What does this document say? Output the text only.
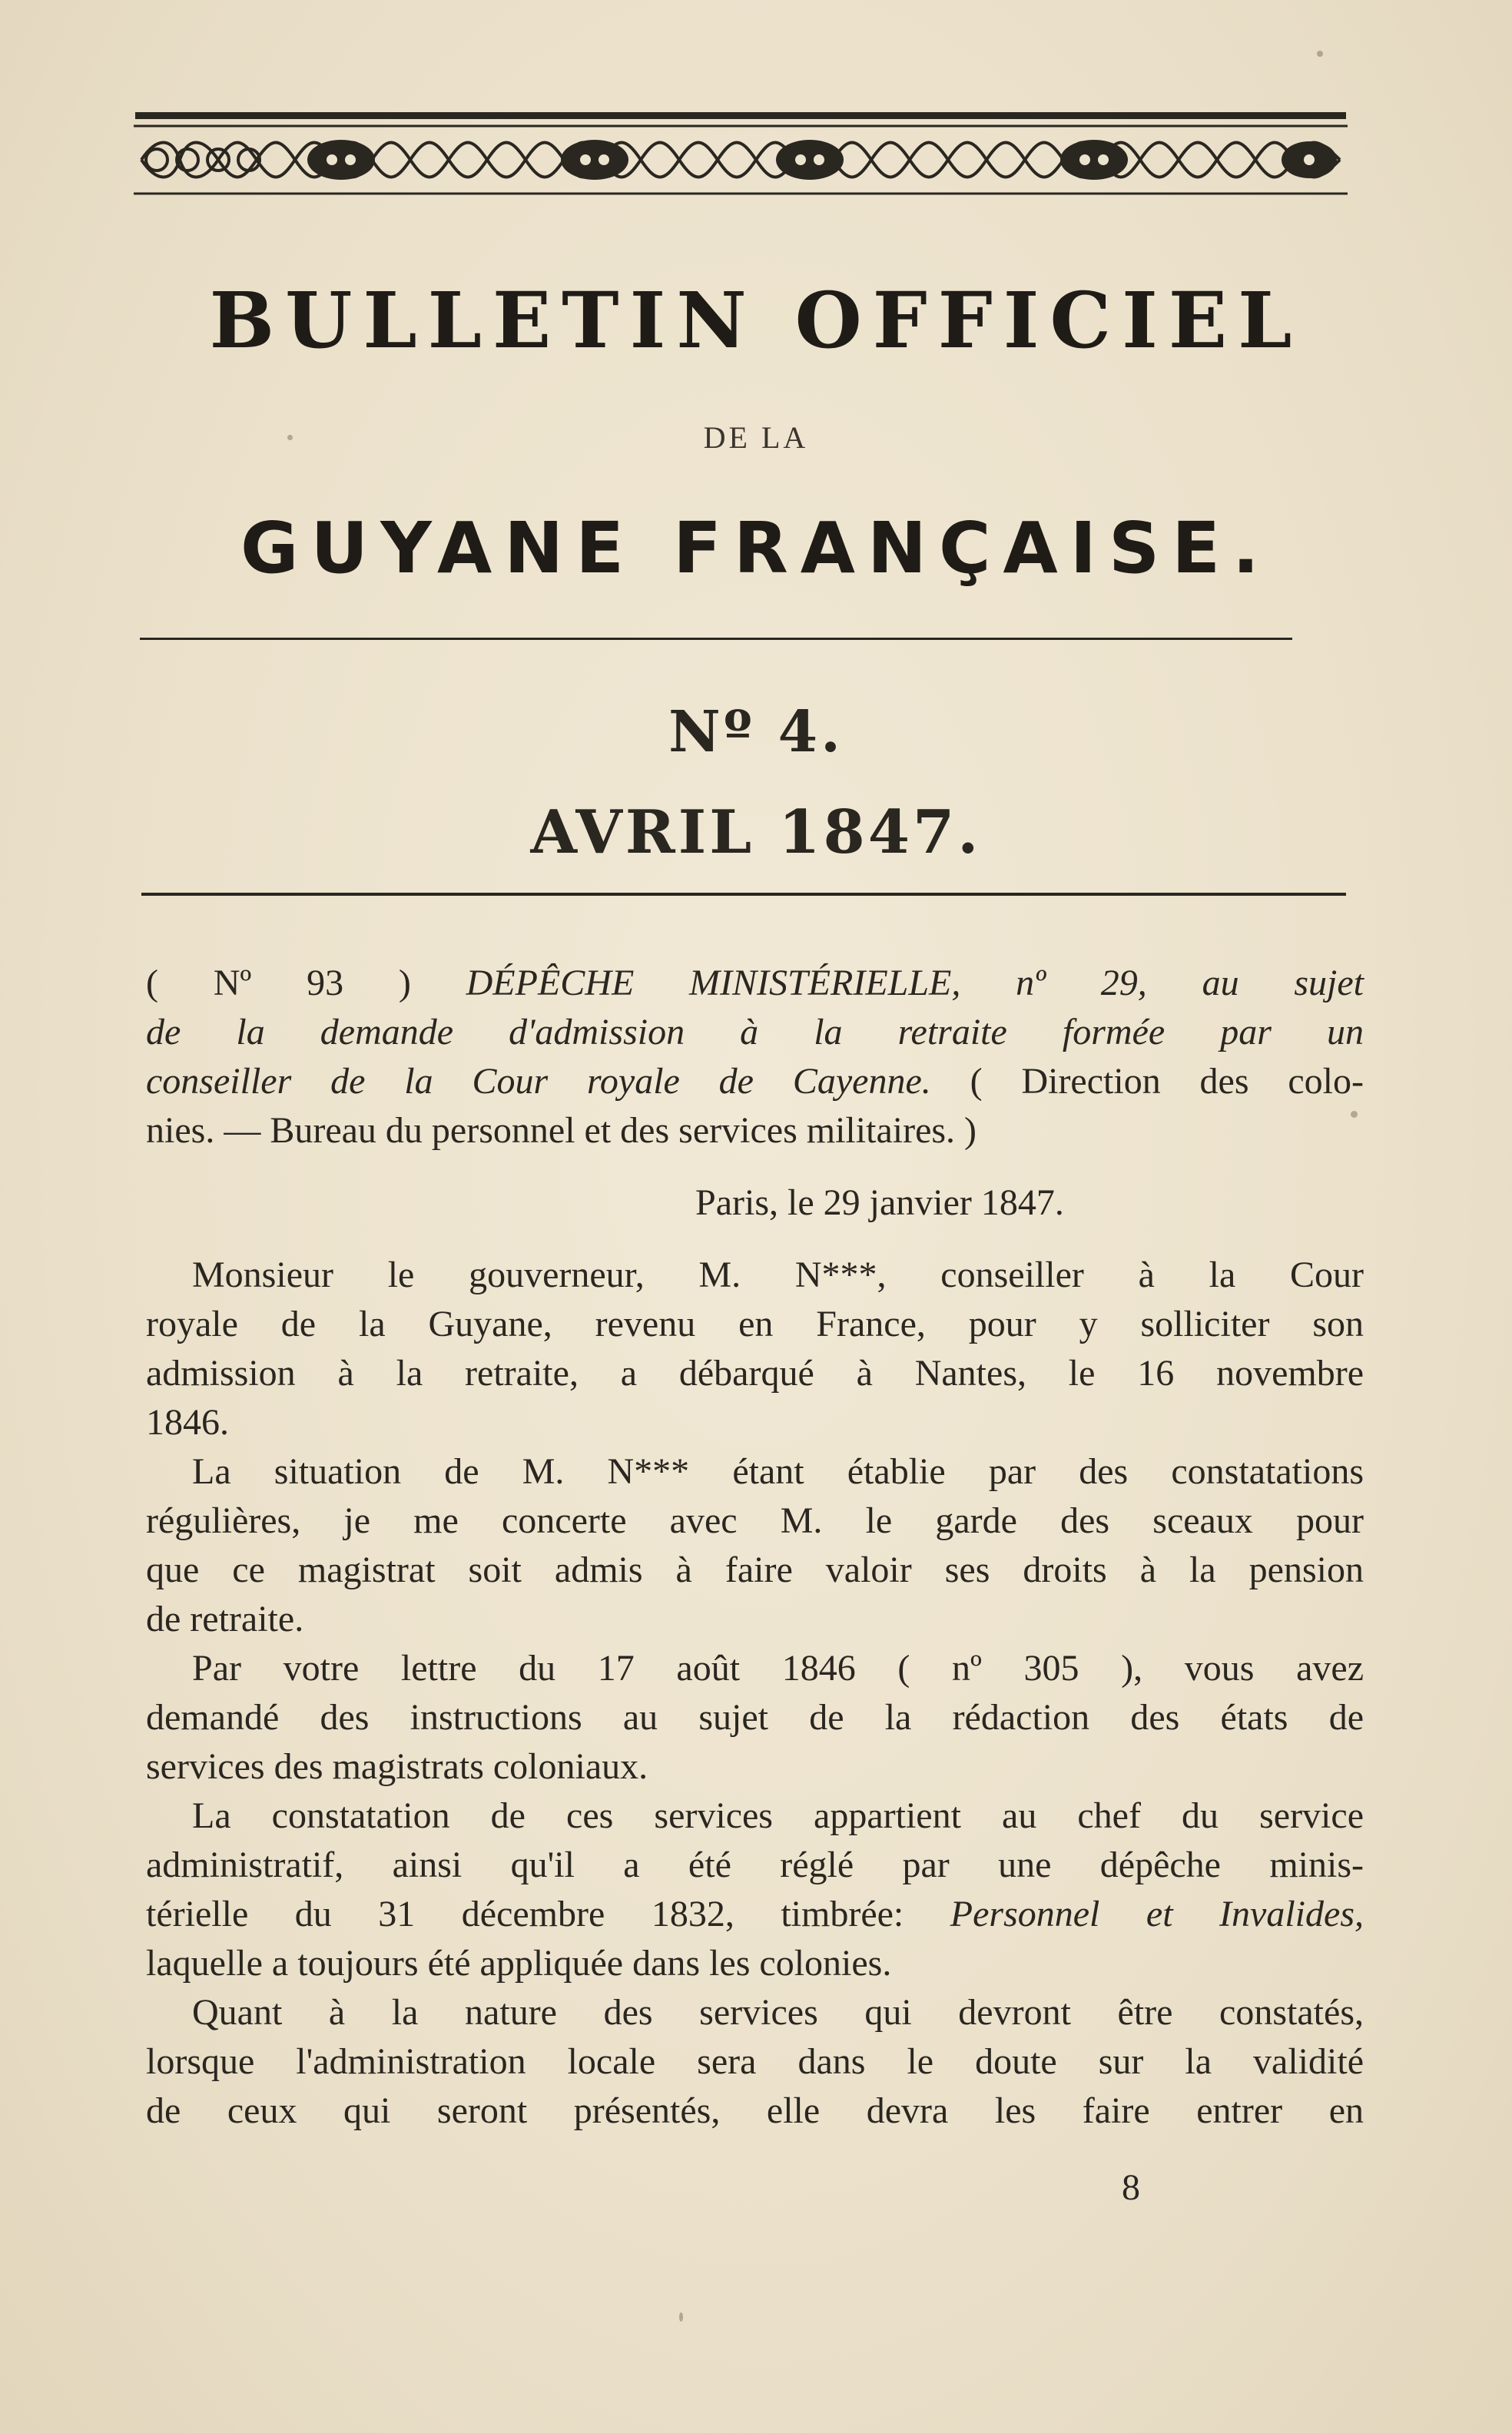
BULLETIN OFFICIEL
DE LA
GUYANE FRANÇAISE.
Nº 4.
AVRIL 1847.
( Nº 93 ) DÉPÊCHE MINISTÉRIELLE, nº 29, au sujet
de la demande d'admission à la retraite formée par un
conseiller de la Cour royale de Cayenne. ( Direction des colo-
nies. — Bureau du personnel et des services militaires. )
Paris, le 29 janvier 1847.
Monsieur le gouverneur, M. N***, conseiller à la Cour
royale de la Guyane, revenu en France, pour y solliciter son
admission à la retraite, a débarqué à Nantes, le 16 novembre
1846.
La situation de M. N*** étant établie par des constatations
régulières, je me concerte avec M. le garde des sceaux pour
que ce magistrat soit admis à faire valoir ses droits à la pension
de retraite.
Par votre lettre du 17 août 1846 ( nº 305 ), vous avez
demandé des instructions au sujet de la rédaction des états de
services des magistrats coloniaux.
La constatation de ces services appartient au chef du service
administratif, ainsi qu'il a été réglé par une dépêche minis-
térielle du 31 décembre 1832, timbrée: Personnel et Invalides,
laquelle a toujours été appliquée dans les colonies.
Quant à la nature des services qui devront être constatés,
lorsque l'administration locale sera dans le doute sur la validité
de ceux qui seront présentés, elle devra les faire entrer en
8
